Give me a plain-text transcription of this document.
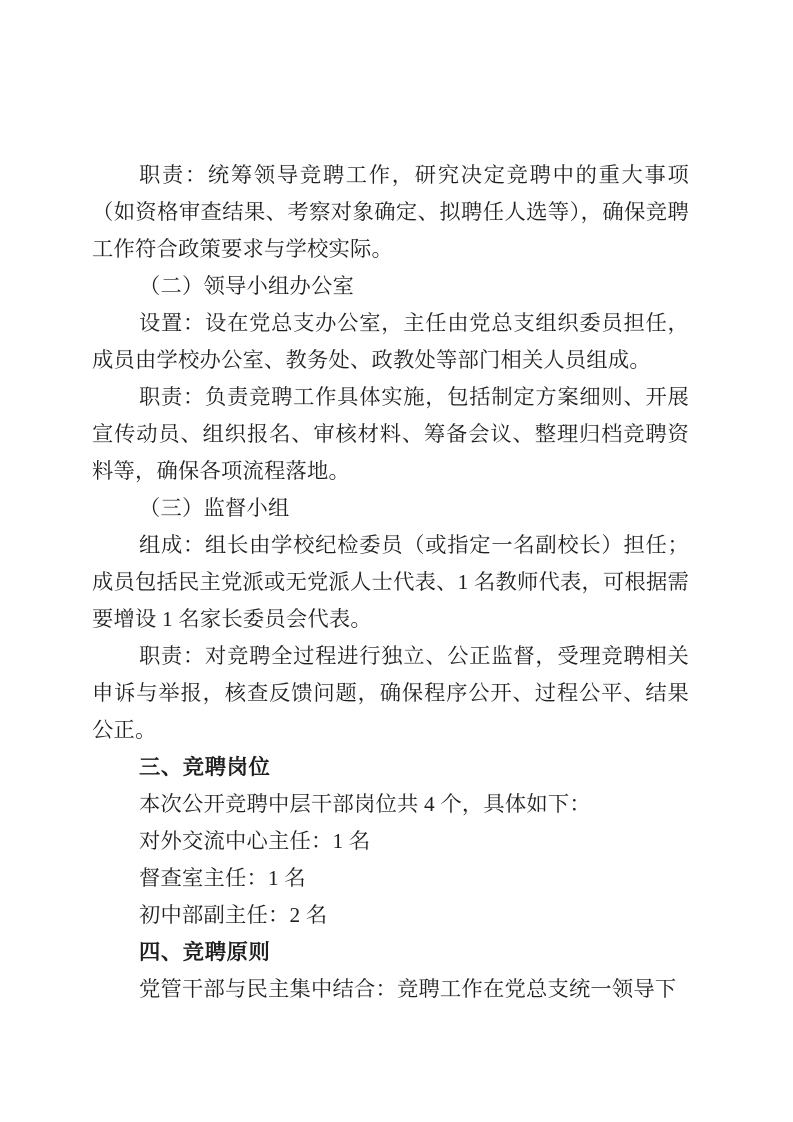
职责：统筹领导竞聘工作，研究决定竞聘中的重大事项（如资格审查结果、考察对象确定、拟聘任人选等），确保竞聘工作符合政策要求与学校实际。

（二）领导小组办公室

设置：设在党总支办公室，主任由党总支组织委员担任，成员由学校办公室、教务处、政教处等部门相关人员组成。

职责：负责竞聘工作具体实施，包括制定方案细则、开展宣传动员、组织报名、审核材料、筹备会议、整理归档竞聘资料等，确保各项流程落地。

（三）监督小组

组成：组长由学校纪检委员（或指定一名副校长）担任；成员包括民主党派或无党派人士代表、1 名教师代表，可根据需要增设 1 名家长委员会代表。

职责：对竞聘全过程进行独立、公正监督，受理竞聘相关申诉与举报，核查反馈问题，确保程序公开、过程公平、结果公正。

三、竞聘岗位

本次公开竞聘中层干部岗位共 4 个，具体如下：

对外交流中心主任：1 名

督查室主任：1 名

初中部副主任：2 名

四、竞聘原则

党管干部与民主集中结合：竞聘工作在党总支统一领导下
